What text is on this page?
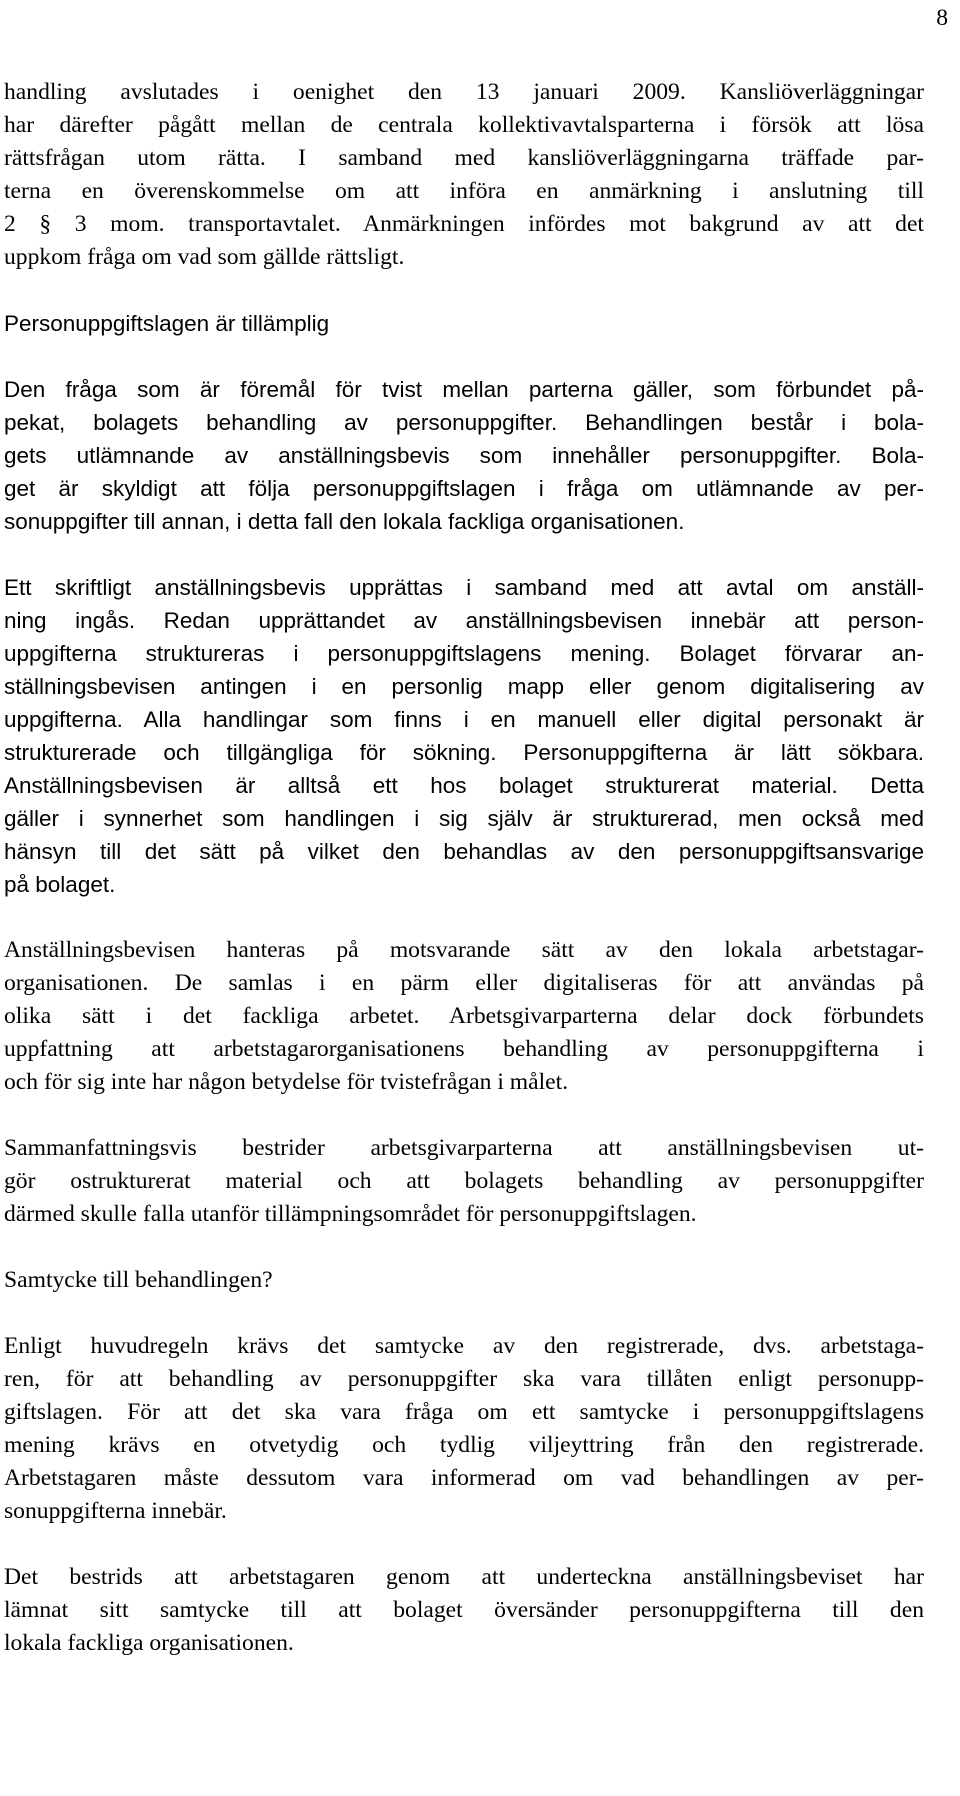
8
handling avslutades i oenighet den 13 januari 2009. Kansliöverläggningar
har därefter pågått mellan de centrala kollektivavtalsparterna i försök att lösa
rättsfrågan utom rätta. I samband med kansliöverläggningarna träffade par-
terna en överenskommelse om att införa en anmärkning i anslutning till
2 § 3 mom. transportavtalet. Anmärkningen infördes mot bakgrund av att det
uppkom fråga om vad som gällde rättsligt.
Personuppgiftslagen är tillämplig
Den fråga som är föremål för tvist mellan parterna gäller, som förbundet på-
pekat, bolagets behandling av personuppgifter. Behandlingen består i bola-
gets utlämnande av anställningsbevis som innehåller personuppgifter. Bola-
get är skyldigt att följa personuppgiftslagen i fråga om utlämnande av per-
sonuppgifter till annan, i detta fall den lokala fackliga organisationen.
Ett skriftligt anställningsbevis upprättas i samband med att avtal om anställ-
ning ingås. Redan upprättandet av anställningsbevisen innebär att person-
uppgifterna struktureras i personuppgiftslagens mening. Bolaget förvarar an-
ställningsbevisen antingen i en personlig mapp eller genom digitalisering av
uppgifterna. Alla handlingar som finns i en manuell eller digital personakt är
strukturerade och tillgängliga för sökning. Personuppgifterna är lätt sökbara.
Anställningsbevisen är alltså ett hos bolaget strukturerat material. Detta
gäller i synnerhet som handlingen i sig själv är strukturerad, men också med
hänsyn till det sätt på vilket den behandlas av den personuppgiftsansvarige
på bolaget.
Anställningsbevisen hanteras på motsvarande sätt av den lokala arbetstagar-
organisationen. De samlas i en pärm eller digitaliseras för att användas på
olika sätt i det fackliga arbetet. Arbetsgivarparterna delar dock förbundets
uppfattning att arbetstagarorganisationens behandling av personuppgifterna i
och för sig inte har någon betydelse för tvistefrågan i målet.
Sammanfattningsvis bestrider arbetsgivarparterna att anställningsbevisen ut-
gör ostrukturerat material och att bolagets behandling av personuppgifter
därmed skulle falla utanför tillämpningsområdet för personuppgiftslagen.
Samtycke till behandlingen?
Enligt huvudregeln krävs det samtycke av den registrerade, dvs. arbetstaga-
ren, för att behandling av personuppgifter ska vara tillåten enligt personupp-
giftslagen. För att det ska vara fråga om ett samtycke i personuppgiftslagens
mening krävs en otvetydig och tydlig viljeyttring från den registrerade.
Arbetstagaren måste dessutom vara informerad om vad behandlingen av per-
sonuppgifterna innebär.
Det bestrids att arbetstagaren genom att underteckna anställningsbeviset har
lämnat sitt samtycke till att bolaget översänder personuppgifterna till den
lokala fackliga organisationen.
